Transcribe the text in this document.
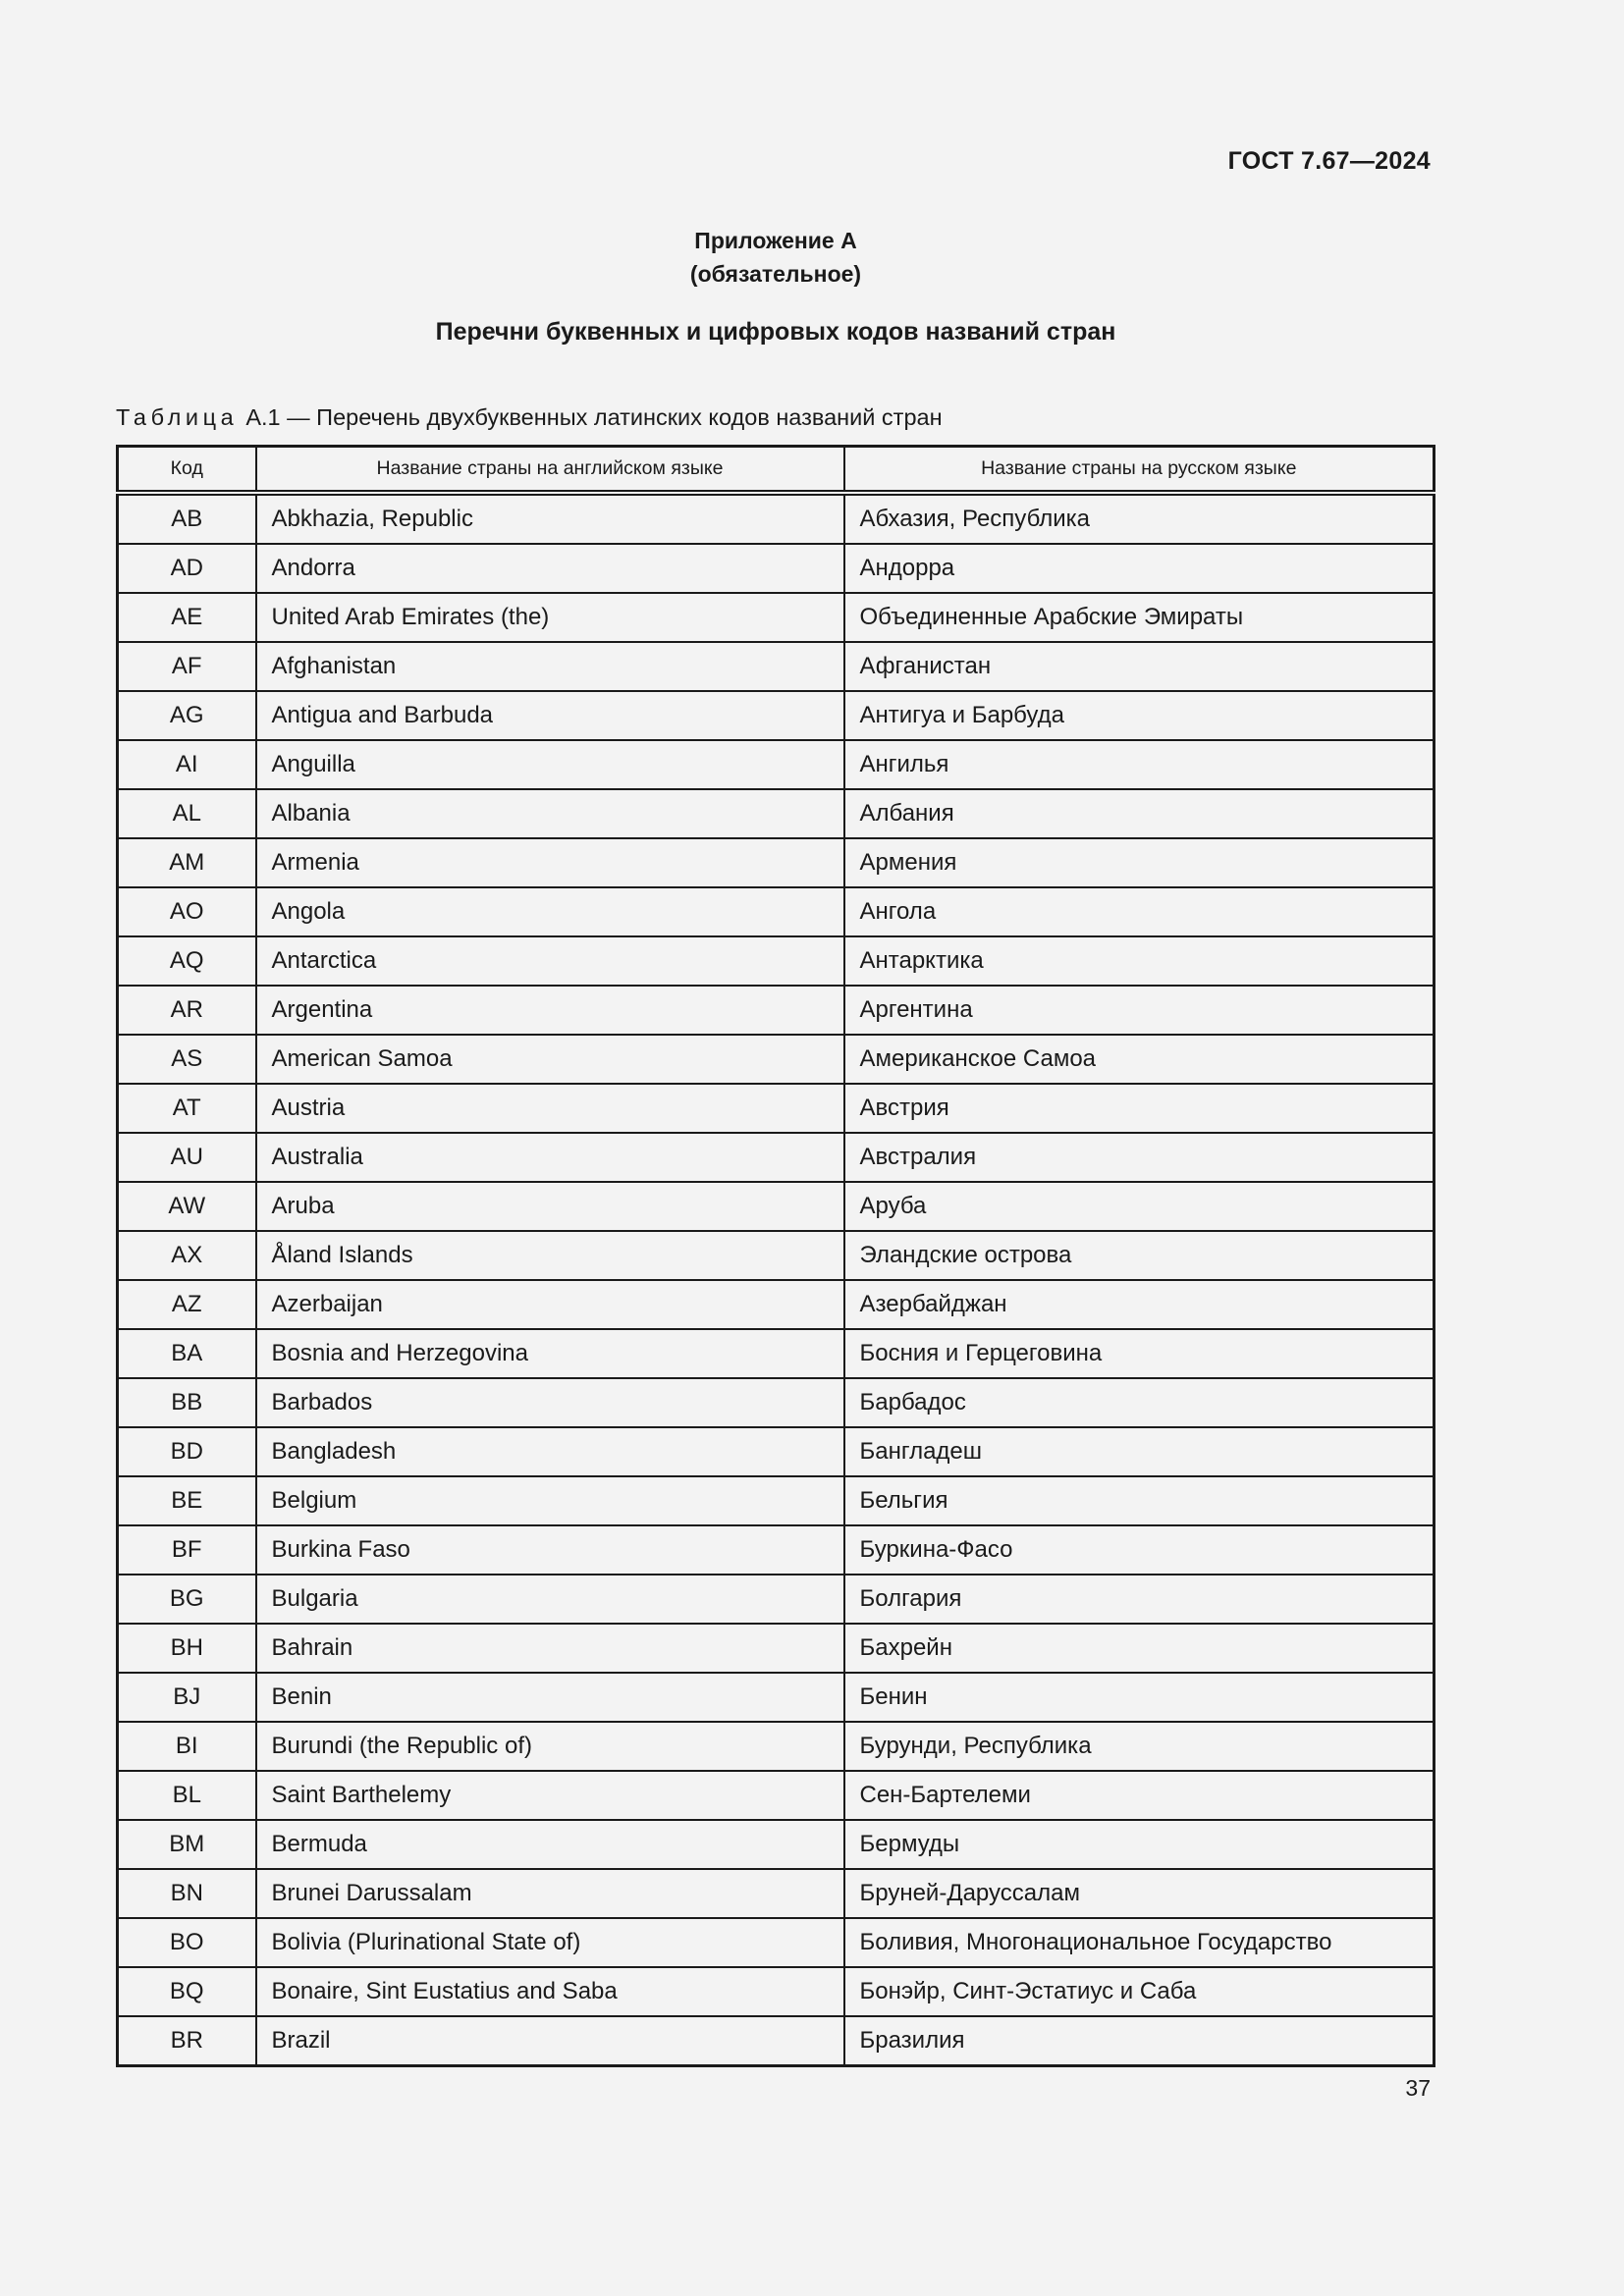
ГОСТ 7.67—2024
Приложение А
(обязательное)
Перечни буквенных и цифровых кодов названий стран
Таблица А.1 — Перечень двухбуквенных латинских кодов названий стран
Код	Название страны на английском языке	Название страны на русском языке
AB	Abkhazia, Republic	Абхазия, Республика
AD	Andorra	Андорра
AE	United Arab Emirates (the)	Объединенные Арабские Эмираты
AF	Afghanistan	Афганистан
AG	Antigua and Barbuda	Антигуа и Барбуда
AI	Anguilla	Ангилья
AL	Albania	Албания
AM	Armenia	Армения
AO	Angola	Ангола
AQ	Antarctica	Антарктика
AR	Argentina	Аргентина
AS	American Samoa	Американское Самоа
AT	Austria	Австрия
AU	Australia	Австралия
AW	Aruba	Аруба
AX	Åland Islands	Эландские острова
AZ	Azerbaijan	Азербайджан
BA	Bosnia and Herzegovina	Босния и Герцеговина
BB	Barbados	Барбадос
BD	Bangladesh	Бангладеш
BE	Belgium	Бельгия
BF	Burkina Faso	Буркина-Фасо
BG	Bulgaria	Болгария
BH	Bahrain	Бахрейн
BJ	Benin	Бенин
BI	Burundi (the Republic of)	Бурунди, Республика
BL	Saint Barthelemy	Сен-Бартелеми
BM	Bermuda	Бермуды
BN	Brunei Darussalam	Бруней-Даруссалам
BO	Bolivia (Plurinational State of)	Боливия, Многонациональное Государство
BQ	Bonaire, Sint Eustatius and Saba	Бонэйр, Синт-Эстатиус и Саба
BR	Brazil	Бразилия
37
